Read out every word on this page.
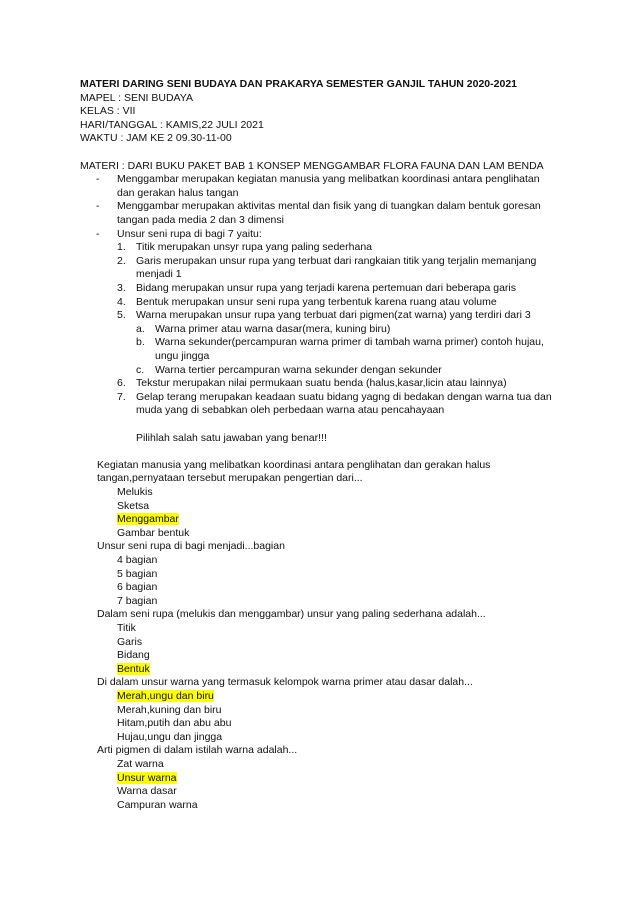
MATERI DARING SENI BUDAYA DAN PRAKARYA SEMESTER GANJIL TAHUN 2020-2021
MAPEL : SENI BUDAYA
KELAS : VII
HARI/TANGGAL : KAMIS,22 JULI 2021
WAKTU : JAM KE 2 09.30-11-00
MATERI : DARI BUKU PAKET BAB 1 KONSEP MENGGAMBAR FLORA FAUNA DAN LAM BENDA
- Menggambar merupakan kegiatan manusia yang melibatkan koordinasi antara penglihatan
dan gerakan halus tangan
- Menggambar merupakan aktivitas mental dan fisik yang di tuangkan dalam bentuk goresan
tangan pada media 2 dan 3 dimensi
- Unsur seni rupa di bagi 7 yaitu:
1. Titik merupakan unsyr rupa yang paling sederhana
2. Garis merupakan unsur rupa yang terbuat dari rangkaian titik yang terjalin memanjang
menjadi 1
3. Bidang merupakan unsur rupa yang terjadi karena pertemuan dari beberapa garis
4. Bentuk merupakan unsur seni rupa yang terbentuk karena ruang atau volume
5. Warna merupakan unsur rupa yang terbuat dari pigmen(zat warna) yang terdiri dari 3
a. Warna primer atau warna dasar(mera, kuning biru)
b. Warna sekunder(percampuran warna primer di tambah warna primer) contoh hujau,
ungu jingga
c. Warna tertier percampuran warna sekunder dengan sekunder
6. Tekstur merupakan nilai permukaan suatu benda (halus,kasar,licin atau lainnya)
7. Gelap terang merupakan keadaan suatu bidang yagng di bedakan dengan warna tua dan
muda yang di sebabkan oleh perbedaan warna atau pencahayaan
Pilihlah salah satu jawaban yang benar!!!
Kegiatan manusia yang melibatkan koordinasi antara penglihatan dan gerakan halus
tangan,pernyataan tersebut merupakan pengertian dari...
Melukis
Sketsa
Menggambar
Gambar bentuk
Unsur seni rupa di bagi menjadi...bagian
4 bagian
5 bagian
6 bagian
7 bagian
Dalam seni rupa (melukis dan menggambar) unsur yang paling sederhana adalah...
Titik
Garis
Bidang
Bentuk
Di dalam unsur warna yang termasuk kelompok warna primer atau dasar dalah...
Merah,ungu dan biru
Merah,kuning dan biru
Hitam,putih dan abu abu
Hujau,ungu dan jingga
Arti pigmen di dalam istilah warna adalah...
Zat warna
Unsur warna
Warna dasar
Campuran warna
